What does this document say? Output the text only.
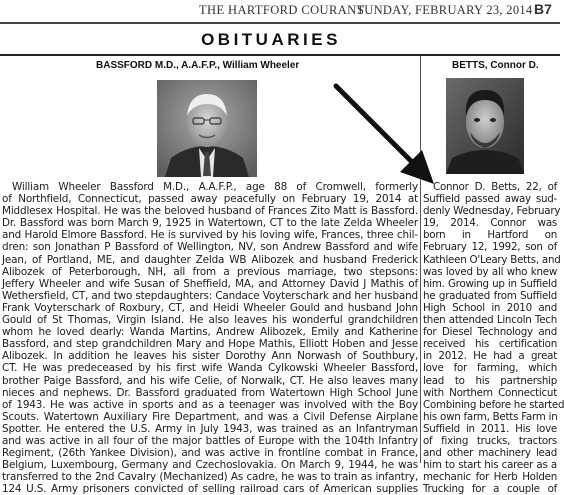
THE HARTFORD COURANT
SUNDAY, FEBRUARY 23, 2014 B7
OBITUARIES
BASSFORD M.D., A.A.F.P., William Wheeler	BETTS, Connor D.
William Wheeler Bassford M.D., A.A.F.P., age 88 of Cromwell, formerly
of Northfield, Connecticut, passed away peacefully on February 19, 2014 at
Middlesex Hospital. He was the beloved husband of Frances Zito Matt is Bassford.
Dr. Bassford was born March 9, 1925 in Watertown, CT to the late Zelda Wheeler
and Harold Elmore Bassford. He is survived by his loving wife, Frances, three chil-
dren: son Jonathan P Bassford of Wellington, NV, son Andrew Bassford and wife
Jean, of Portland, ME, and daughter Zelda WB Alibozek and husband Frederick
Alibozek of Peterborough, NH, all from a previous marriage, two stepsons:
Jeffery Wheeler and wife Susan of Sheffield, MA, and Attorney David J Mathis of
Wethersfield, CT, and two stepdaughters: Candace Voyterschark and her husband
Frank Voyterschark of Roxbury, CT, and Heidi Wheeler Gould and husband John
Gould of St Thomas, Virgin Island. He also leaves his wonderful grandchildren
whom he loved dearly: Wanda Martins, Andrew Alibozek, Emily and Katherine
Bassford, and step grandchildren Mary and Hope Mathis, Elliott Hoben and Jesse
Alibozek. In addition he leaves his sister Dorothy Ann Norwash of Southbury,
CT. He was predeceased by his first wife Wanda Cylkowski Wheeler Bassford,
brother Paige Bassford, and his wife Celie, of Norwalk, CT. He also leaves many
nieces and nephews. Dr. Bassford graduated from Watertown High School June
of 1943. He was active in sports and as a teenager was involved with the Boy
Scouts. Watertown Auxiliary Fire Department, and was a Civil Defense Airplane
Spotter. He entered the U.S. Army in July 1943, was trained as an Infantryman
and was active in all four of the major battles of Europe with the 104th Infantry
Regiment, (26th Yankee Division), and was active in frontline combat in France,
Belgium, Luxembourg, Germany and Czechoslovakia. On March 9, 1944, he was
transferred to the 2nd Cavalry (Mechanized) As cadre, he was to train as infantry,
124 U.S. Army prisoners convicted of selling railroad cars of American supplies
Connor D. Betts, 22, of
Suffield passed away sud-
denly Wednesday, February
19, 2014. Connor was
born in Hartford on
February 12, 1992, son of
Kathleen O'Leary Betts, and
was loved by all who knew
him. Growing up in Suffield
he graduated from Suffield
High School in 2010 and
then attended Lincoln Tech
for Diesel Technology and
received his certification
in 2012. He had a great
love for farming, which
lead to his partnership
with Northern Connecticut
Combining before he started
his own farm, Betts Farm in
Suffield in 2011. His love
of fixing trucks, tractors
and other machinery lead
him to start his career as a
mechanic for Herb Holden
Trucking for a couple of
